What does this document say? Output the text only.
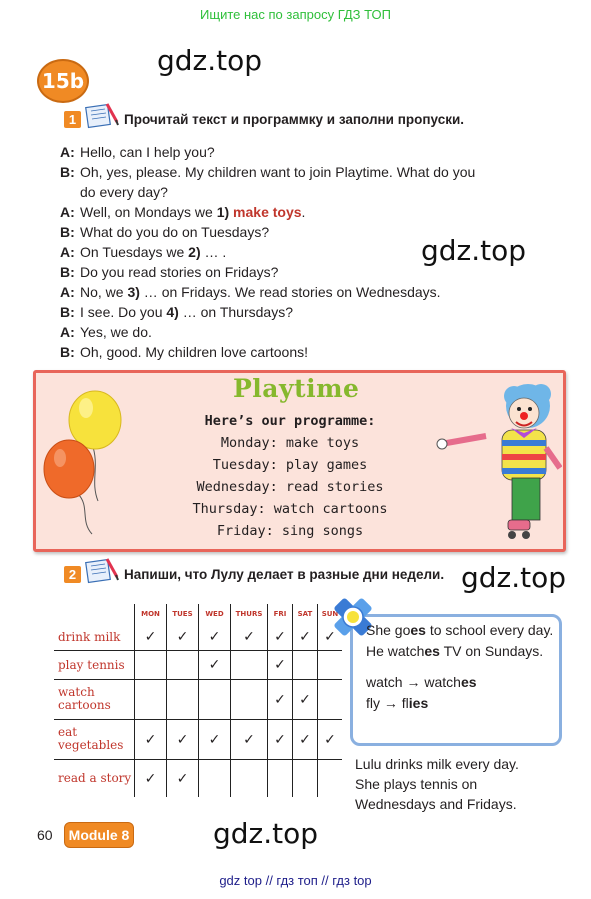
Ищите нас по запросу ГДЗ ТОП
gdz.top
gdz.top
gdz.top
gdz.top
15b
1	Прочитай текст и программку и заполни пропуски.
A: Hello, can I help you?
B: Oh, yes, please. My children want to join Playtime. What do you
do every day?
A: Well, on Mondays we 1) make toys.
B: What do you do on Tuesdays?
A: On Tuesdays we 2) … .
B: Do you read stories on Fridays?
A: No, we 3) … on Fridays. We read stories on Wednesdays.
B: I see. Do you 4) … on Thursdays?
A: Yes, we do.
B: Oh, good. My children love cartoons!
Playtime
Here’s our programme:
Monday: make toys
Tuesday: play games
Wednesday: read stories
Thursday: watch cartoons
Friday: sing songs
2	Напиши, что Лулу делает в разные дни недели.
	MON	TUES	WED	THURS	FRI	SAT	SUN
drink milk	✓	✓	✓	✓	✓	✓	✓
play tennis			✓		✓		
watch cartoons					✓	✓	
eat vegetables	✓	✓	✓	✓	✓	✓	✓
read a story	✓	✓					
She goes to school every day.
He watches TV on Sundays.
watch → watches
fly → flies
Lulu drinks milk every day.
She plays tennis on
Wednesdays and Fridays.
60	Module 8
gdz top // гдз топ // гдз top
